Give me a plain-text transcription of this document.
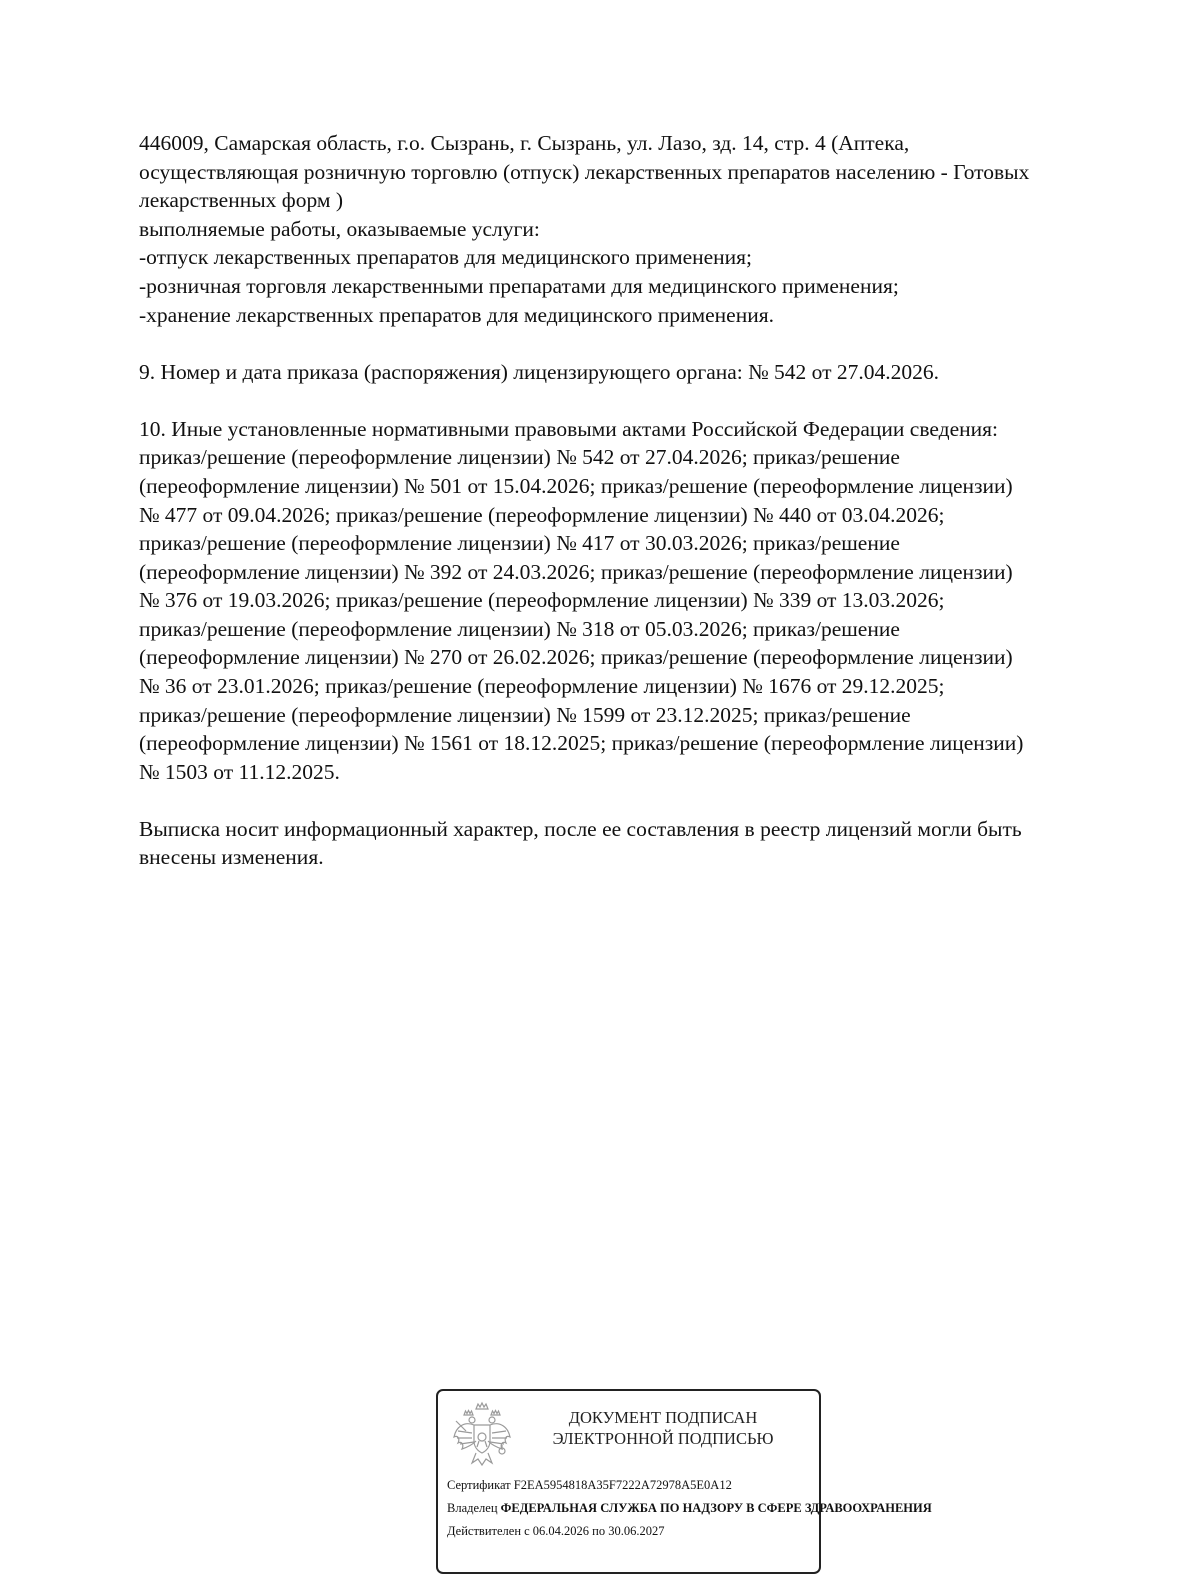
446009, Самарская область, г.о. Сызрань, г. Сызрань, ул. Лазо, зд. 14, стр. 4 (Аптека,
осуществляющая розничную торговлю (отпуск) лекарственных препаратов населению - Готовых
лекарственных форм )
выполняемые работы, оказываемые услуги:
-отпуск лекарственных препаратов для медицинского применения;
-розничная торговля лекарственными препаратами для медицинского применения;
-хранение лекарственных препаратов для медицинского применения.
9. Номер и дата приказа (распоряжения) лицензирующего органа: № 542 от 27.04.2026.
10. Иные установленные нормативными правовыми актами Российской Федерации сведения:
приказ/решение (переоформление лицензии) № 542 от 27.04.2026; приказ/решение
(переоформление лицензии) № 501 от 15.04.2026; приказ/решение (переоформление лицензии)
№ 477 от 09.04.2026; приказ/решение (переоформление лицензии) № 440 от 03.04.2026;
приказ/решение (переоформление лицензии) № 417 от 30.03.2026; приказ/решение
(переоформление лицензии) № 392 от 24.03.2026; приказ/решение (переоформление лицензии)
№ 376 от 19.03.2026; приказ/решение (переоформление лицензии) № 339 от 13.03.2026;
приказ/решение (переоформление лицензии) № 318 от 05.03.2026; приказ/решение
(переоформление лицензии) № 270 от 26.02.2026; приказ/решение (переоформление лицензии)
№ 36 от 23.01.2026; приказ/решение (переоформление лицензии) № 1676 от 29.12.2025;
приказ/решение (переоформление лицензии) № 1599 от 23.12.2025; приказ/решение
(переоформление лицензии) № 1561 от 18.12.2025; приказ/решение (переоформление лицензии)
№ 1503 от 11.12.2025.
Выписка носит информационный характер, после ее составления в реестр лицензий могли быть
внесены изменения.
ДОКУМЕНТ ПОДПИСАН
ЭЛЕКТРОННОЙ ПОДПИСЬЮ
Сертификат F2EA5954818A35F7222A72978A5E0A12
Владелец ФЕДЕРАЛЬНАЯ СЛУЖБА ПО НАДЗОРУ В СФЕРЕ ЗДРАВООХРАНЕНИЯ
Действителен с 06.04.2026 по 30.06.2027
